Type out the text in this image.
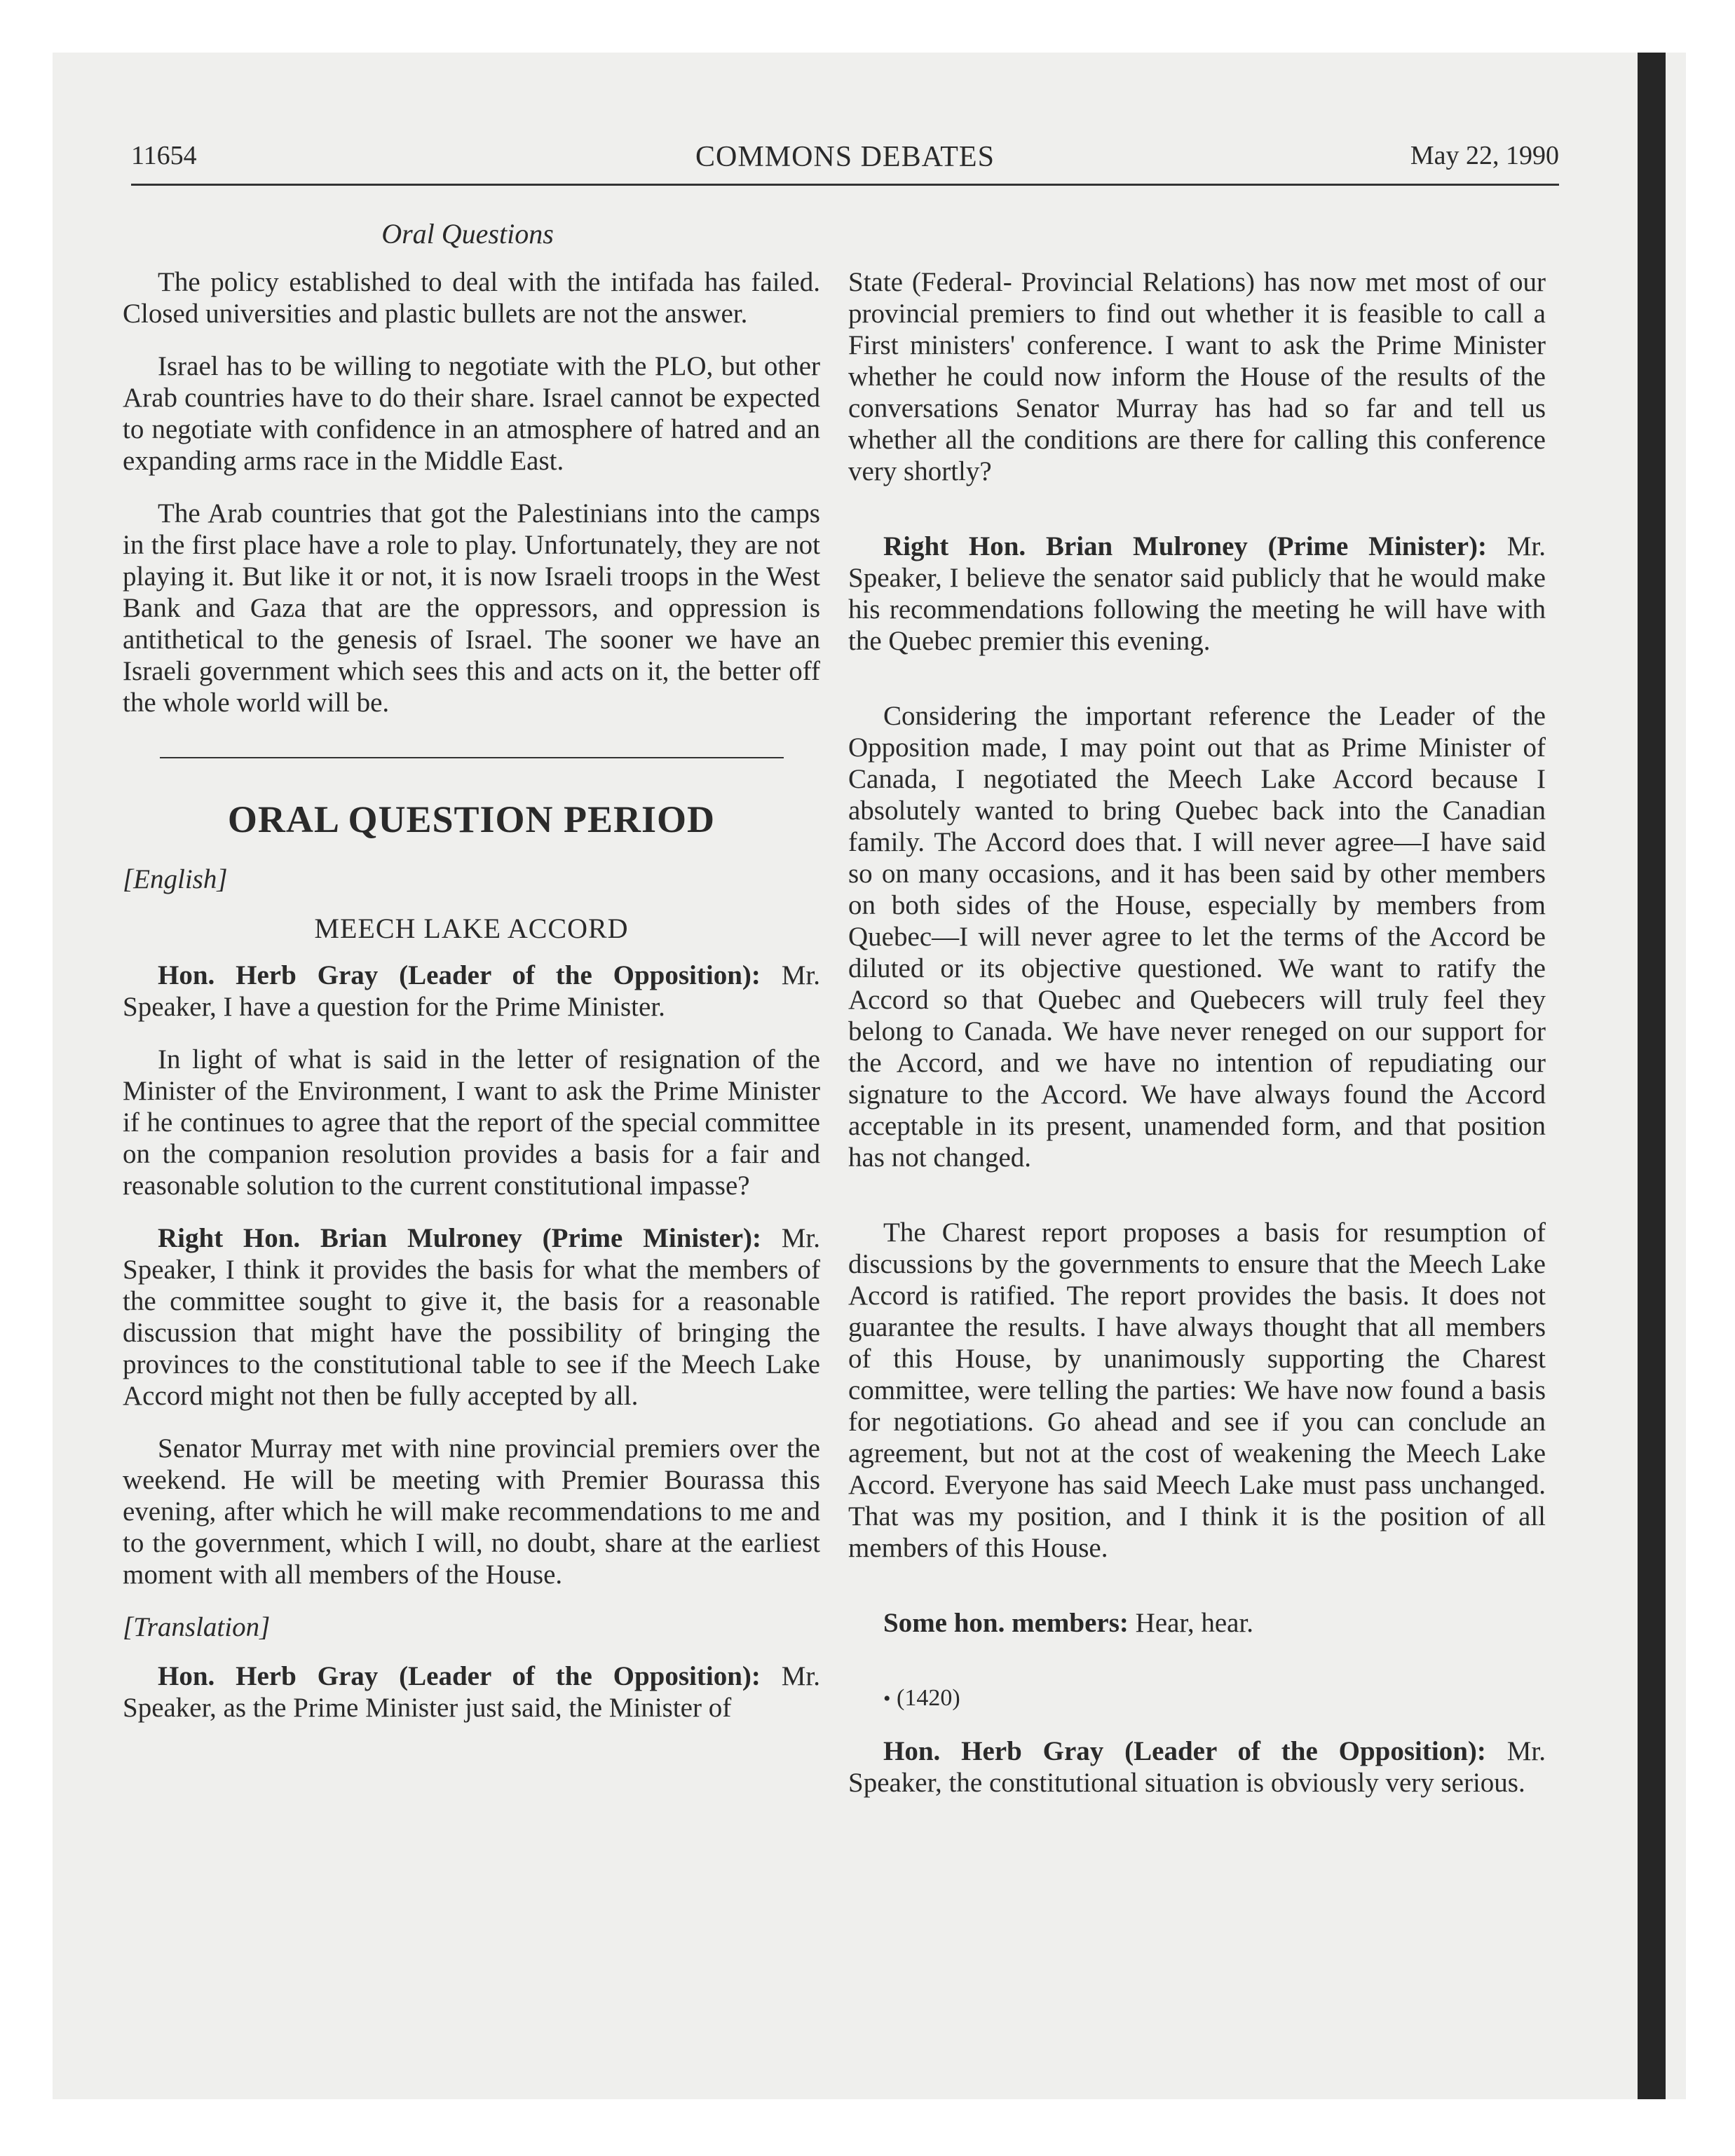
11654	COMMONS DEBATES	May 22, 1990
Oral Questions

The policy established to deal with the intifada has failed. Closed universities and plastic bullets are not the answer.

Israel has to be willing to negotiate with the PLO, but other Arab countries have to do their share. Israel cannot be expected to negotiate with confidence in an atmosphere of hatred and an expanding arms race in the Middle East.

The Arab countries that got the Palestinians into the camps in the first place have a role to play. Unfortunately, they are not playing it. But like it or not, it is now Israeli troops in the West Bank and Gaza that are the oppressors, and oppression is antithetical to the genesis of Israel. The sooner we have an Israeli government which sees this and acts on it, the better off the whole world will be.

ORAL QUESTION PERIOD
[English]
MEECH LAKE ACCORD

Hon. Herb Gray (Leader of the Opposition): Mr. Speaker, I have a question for the Prime Minister.

In light of what is said in the letter of resignation of the Minister of the Environment, I want to ask the Prime Minister if he continues to agree that the report of the special committee on the companion resolution provides a basis for a fair and reasonable solution to the current constitutional impasse?

Right Hon. Brian Mulroney (Prime Minister): Mr. Speaker, I think it provides the basis for what the members of the committee sought to give it, the basis for a reasonable discussion that might have the possibility of bringing the provinces to the constitutional table to see if the Meech Lake Accord might not then be fully accepted by all.

Senator Murray met with nine provincial premiers over the weekend. He will be meeting with Premier Bourassa this evening, after which he will make recommendations to me and to the government, which I will, no doubt, share at the earliest moment with all members of the House.

[Translation]

Hon. Herb Gray (Leader of the Opposition): Mr. Speaker, as the Prime Minister just said, the Minister of

State (Federal- Provincial Relations) has now met most of our provincial premiers to find out whether it is feasible to call a First ministers' conference. I want to ask the Prime Minister whether he could now inform the House of the results of the conversations Senator Murray has had so far and tell us whether all the conditions are there for calling this conference very shortly?

Right Hon. Brian Mulroney (Prime Minister): Mr. Speaker, I believe the senator said publicly that he would make his recommendations following the meeting he will have with the Quebec premier this evening.

Considering the important reference the Leader of the Opposition made, I may point out that as Prime Minister of Canada, I negotiated the Meech Lake Accord because I absolutely wanted to bring Quebec back into the Canadian family. The Accord does that. I will never agree—I have said so on many occasions, and it has been said by other members on both sides of the House, especially by members from Quebec—I will never agree to let the terms of the Accord be diluted or its objective questioned. We want to ratify the Accord so that Quebec and Quebecers will truly feel they belong to Canada. We have never reneged on our support for the Accord, and we have no intention of repudiating our signature to the Accord. We have always found the Accord acceptable in its present, unamended form, and that position has not changed.

The Charest report proposes a basis for resumption of discussions by the governments to ensure that the Meech Lake Accord is ratified. The report provides the basis. It does not guarantee the results. I have always thought that all members of this House, by unanimously supporting the Charest committee, were telling the parties: We have now found a basis for negotiations. Go ahead and see if you can conclude an agreement, but not at the cost of weakening the Meech Lake Accord. Everyone has said Meech Lake must pass unchanged. That was my position, and I think it is the position of all members of this House.

Some hon. members: Hear, hear.

• (1420)

Hon. Herb Gray (Leader of the Opposition): Mr. Speaker, the constitutional situation is obviously very serious.
